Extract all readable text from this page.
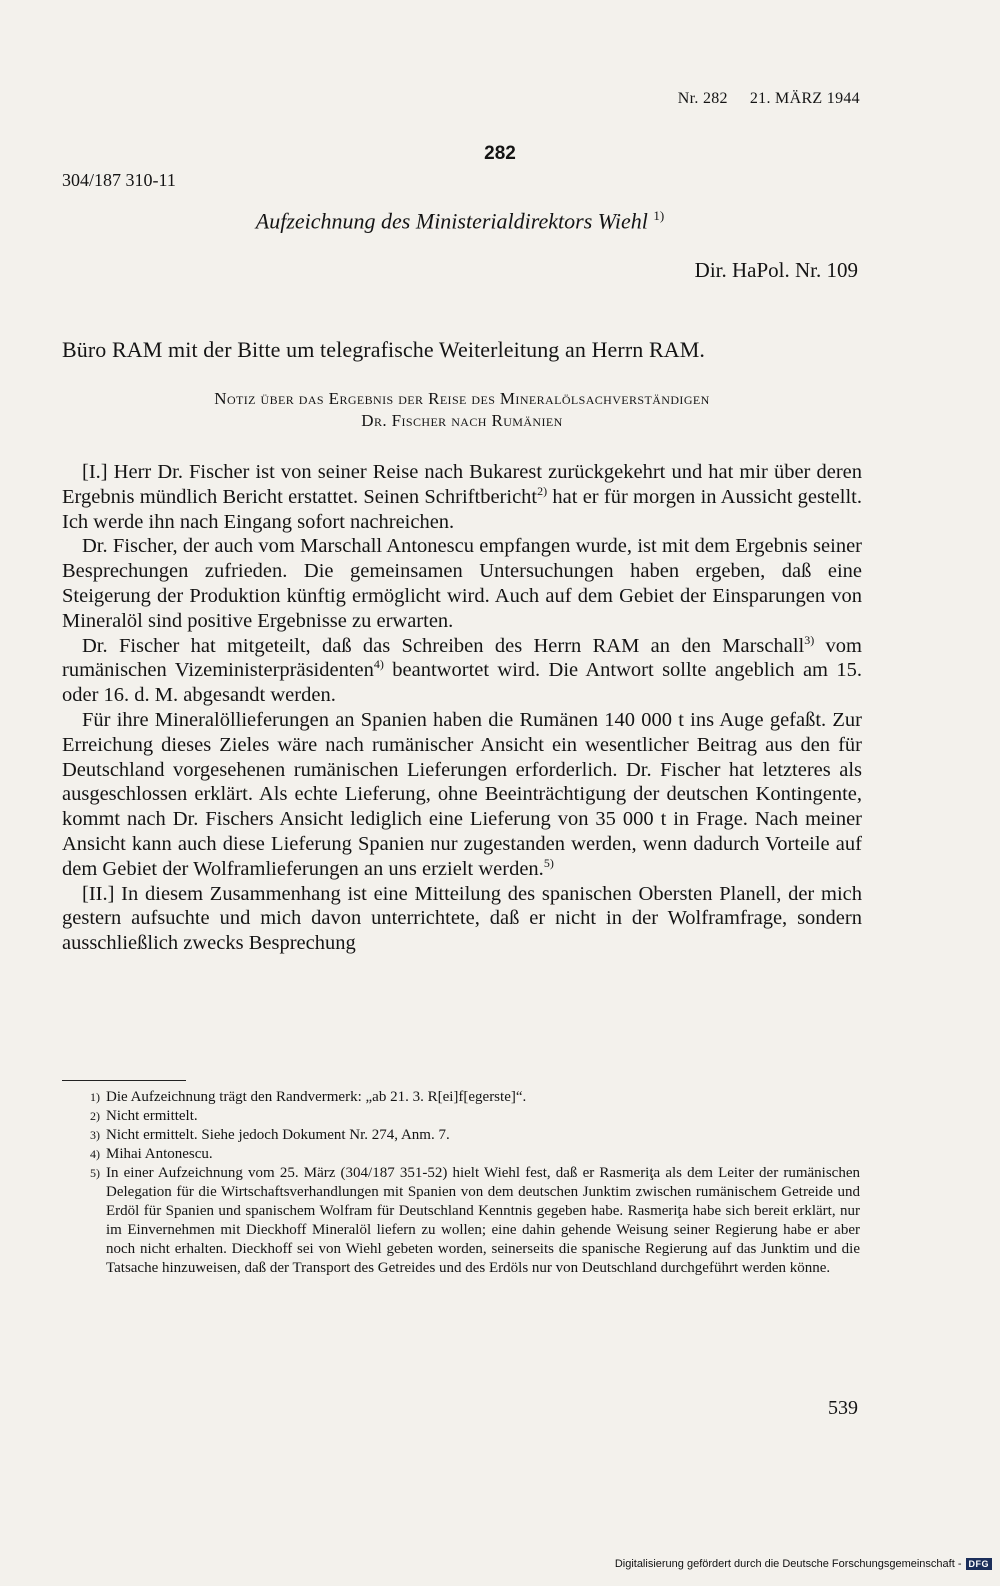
Nr. 282 21. MÄRZ 1944
282
304/187 310-11
Aufzeichnung des Ministerialdirektors Wiehl $^{1)}$
Dir. HaPol. Nr. 109
Büro RAM mit der Bitte um telegrafische Weiterleitung an Herrn RAM.
Notiz über das Ergebnis der Reise des Mineralölsachverständigen
Dr. Fischer nach Rumänien

[I.] Herr Dr. Fischer ist von seiner Reise nach Bukarest zurückgekehrt und hat mir über deren Ergebnis mündlich Bericht erstattet. Seinen Schriftbericht$^{2)}$ hat er für morgen in Aussicht gestellt. Ich werde ihn nach Eingang sofort nachreichen.

Dr. Fischer, der auch vom Marschall Antonescu empfangen wurde, ist mit dem Ergebnis seiner Besprechungen zufrieden. Die gemeinsamen Untersuchungen haben ergeben, daß eine Steigerung der Produktion künftig ermöglicht wird. Auch auf dem Gebiet der Einsparungen von Mineralöl sind positive Ergebnisse zu erwarten.

Dr. Fischer hat mitgeteilt, daß das Schreiben des Herrn RAM an den Marschall$^{3)}$ vom rumänischen Vizeministerpräsidenten$^{4)}$ beantwortet wird. Die Antwort sollte angeblich am 15. oder 16. d. M. abgesandt werden.

Für ihre Mineralöllieferungen an Spanien haben die Rumänen 140 000 t ins Auge gefaßt. Zur Erreichung dieses Zieles wäre nach rumänischer Ansicht ein wesentlicher Beitrag aus den für Deutschland vorgesehenen rumänischen Lieferungen erforderlich. Dr. Fischer hat letzteres als ausgeschlossen erklärt. Als echte Lieferung, ohne Beeinträchtigung der deutschen Kontingente, kommt nach Dr. Fischers Ansicht lediglich eine Lieferung von 35 000 t in Frage. Nach meiner Ansicht kann auch diese Lieferung Spanien nur zugestanden werden, wenn dadurch Vorteile auf dem Gebiet der Wolframlieferungen an uns erzielt werden.$^{5)}$

[II.] In diesem Zusammenhang ist eine Mitteilung des spanischen Obersten Planell, der mich gestern aufsuchte und mich davon unterrichtete, daß er nicht in der Wolframfrage, sondern ausschließlich zwecks Besprechung

1) Die Aufzeichnung trägt den Randvermerk: „ab 21. 3. R[ei]f[egerste]“.
2) Nicht ermittelt.
3) Nicht ermittelt. Siehe jedoch Dokument Nr. 274, Anm. 7.
4) Mihai Antonescu.
5) In einer Aufzeichnung vom 25. März (304/187 351-52) hielt Wiehl fest, daß er Rasmeriţa als dem Leiter der rumänischen Delegation für die Wirtschaftsverhandlungen mit Spanien von dem deutschen Junktim zwischen rumänischem Getreide und Erdöl für Spanien und spanischem Wolfram für Deutschland Kenntnis gegeben habe. Rasmeriţa habe sich bereit erklärt, nur im Einvernehmen mit Dieckhoff Mineralöl liefern zu wollen; eine dahin gehende Weisung seiner Regierung habe er aber noch nicht erhalten. Dieckhoff sei von Wiehl gebeten worden, seinerseits die spanische Regierung auf das Junktim und die Tatsache hinzuweisen, daß der Transport des Getreides und des Erdöls nur von Deutschland durchgeführt werden könne.
539
Digitalisierung gefördert durch die Deutsche Forschungsgemeinschaft - DFG
